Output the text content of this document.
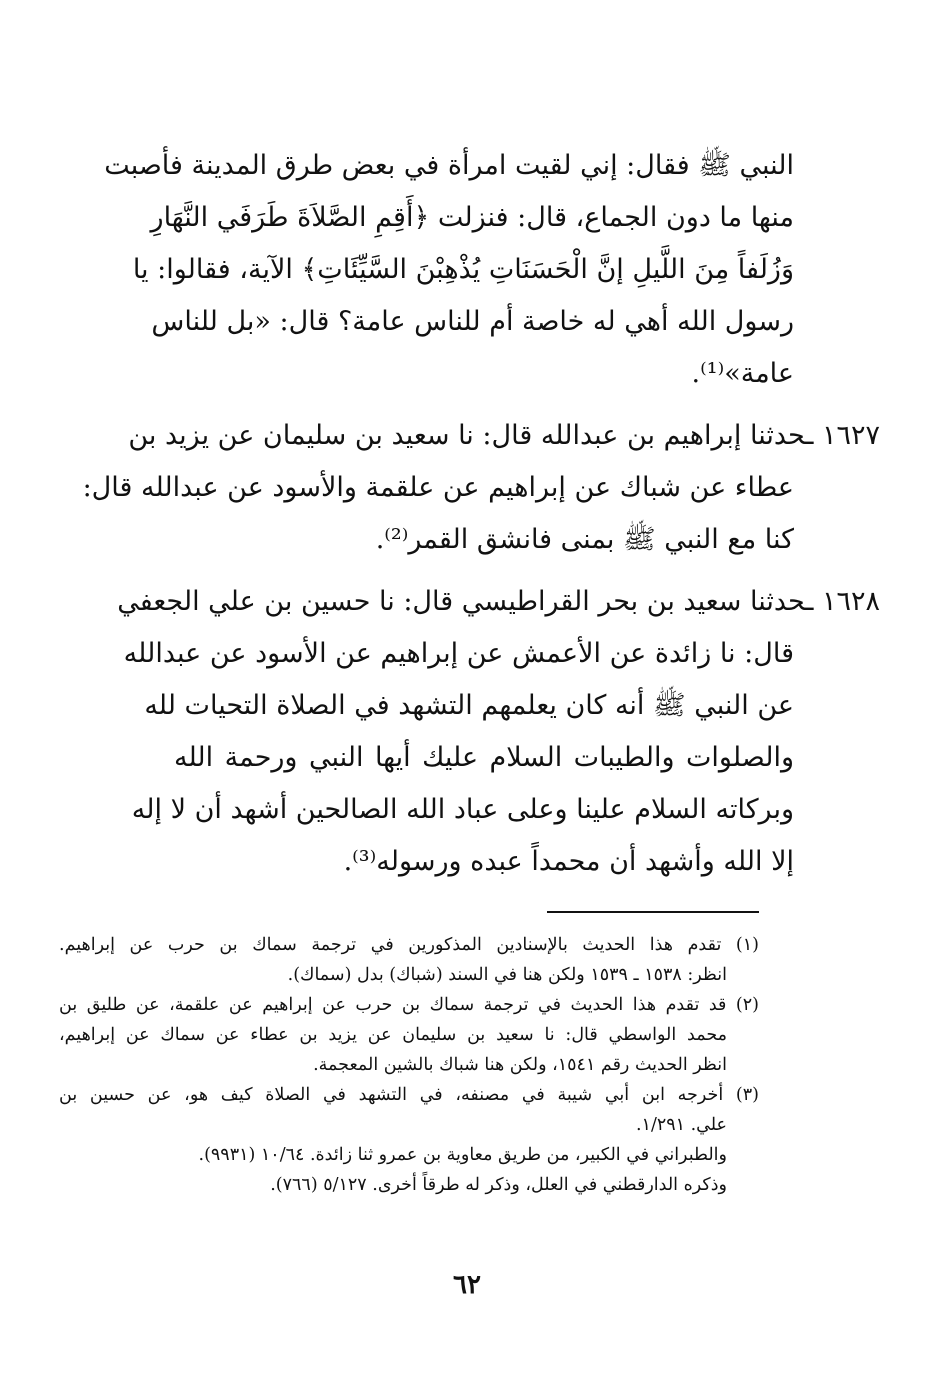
النبي ﷺ فقال: إني لقيت امرأة في بعض طرق المدينة فأصبت
منها ما دون الجماع، قال: فنزلت ﴿أَقِمِ الصَّلاَةَ طَرَفَي النَّهَارِ
وَزُلَفاً مِنَ اللَّيلِ إنَّ الْحَسَنَاتِ يُذْهِبْنَ السَّيِّئَاتِ﴾ الآية، فقالوا: يا
رسول الله أهي له خاصة أم للناس عامة؟ قال: «بل للناس
عامة»⁽¹⁾.
١٦٢٧ ـحدثنا إبراهيم بن عبدالله قال: نا سعيد بن سليمان عن يزيد بن
عطاء عن شباك عن إبراهيم عن علقمة والأسود عن عبدالله قال:
كنا مع النبي ﷺ بمنى فانشق القمر⁽²⁾.
١٦٢٨ ـحدثنا سعيد بن بحر القراطيسي قال: نا حسين بن علي الجعفي
قال: نا زائدة عن الأعمش عن إبراهيم عن الأسود عن عبدالله
عن النبي ﷺ أنه كان يعلمهم التشهد في الصلاة التحيات لله
والصلوات والطيبات السلام عليك أيها النبي ورحمة الله
وبركاته السلام علينا وعلى عباد الله الصالحين أشهد أن لا إله
إلا الله وأشهد أن محمداً عبده ورسوله⁽³⁾.
(١) تقدم هذا الحديث بالإسنادين المذكورين في ترجمة سماك بن حرب عن إبراهيم.
انظر: ١٥٣٨ ـ ١٥٣٩ ولكن هنا في السند (شباك) بدل (سماك).
(٢) قد تقدم هذا الحديث في ترجمة سماك بن حرب عن إبراهيم عن علقمة، عن طليق بن
محمد الواسطي قال: نا سعيد بن سليمان عن يزيد بن عطاء عن سماك عن إبراهيم،
انظر الحديث رقم ١٥٤١، ولكن هنا شباك بالشين المعجمة.
(٣) أخرجه ابن أبي شيبة في مصنفه، في التشهد في الصلاة كيف هو، عن حسين بن
علي. ١/٢٩١.
والطبراني في الكبير، من طريق معاوية بن عمرو ثنا زائدة. ١٠/٦٤ (٩٩٣١).
وذكره الدارقطني في العلل، وذكر له طرقاً أخرى. ٥/١٢٧ (٧٦٦).
٦٢
